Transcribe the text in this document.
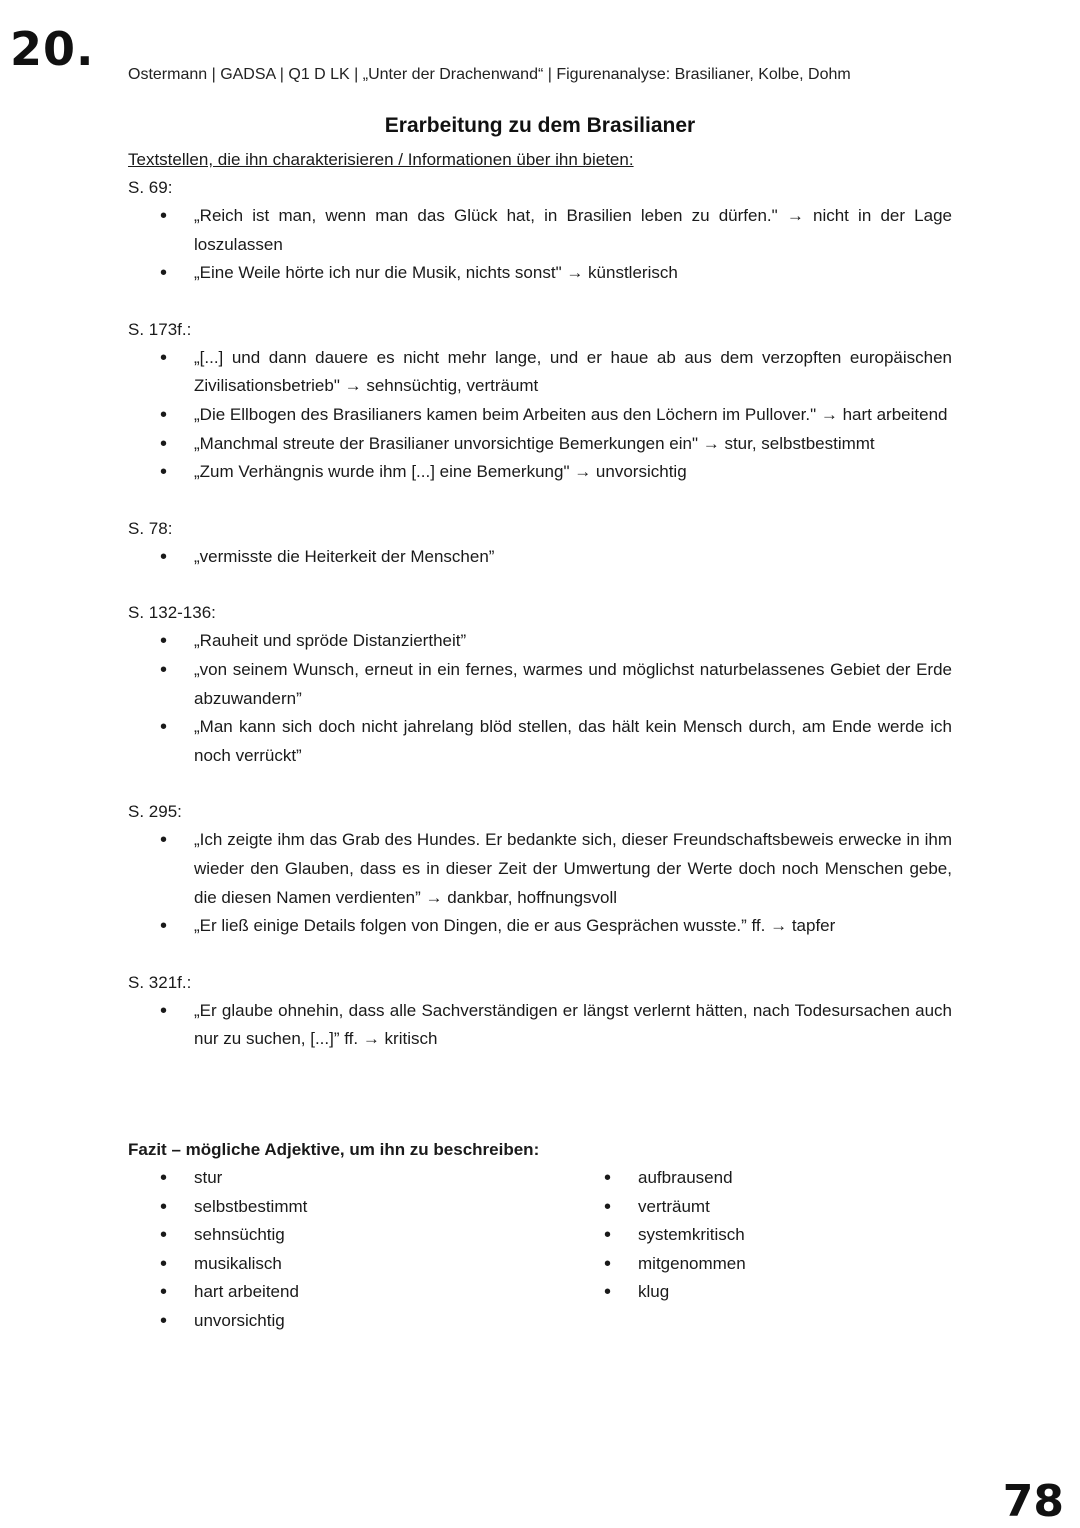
20. Ostermann | GADSA | Q1 D LK | „Unter der Drachenwand“ | Figurenanalyse: Brasilianer, Kolbe, Dohm
Erarbeitung zu dem Brasilianer

Textstellen, die ihn charakterisieren / Informationen über ihn bieten:

S. 69:

• „Reich ist man, wenn man das Glück hat, in Brasilien leben zu dürfen." → nicht in der Lage loszulassen
• „Eine Weile hörte ich nur die Musik, nichts sonst" → künstlerisch

S. 173f.:

• „[...] und dann dauere es nicht mehr lange, und er haue ab aus dem verzopften europäischen Zivilisationsbetrieb" → sehnsüchtig, verträumt
• „Die Ellbogen des Brasilianers kamen beim Arbeiten aus den Löchern im Pullover." → hart arbeitend
• „Manchmal streute der Brasilianer unvorsichtige Bemerkungen ein" → stur, selbstbestimmt
• „Zum Verhängnis wurde ihm [...] eine Bemerkung" → unvorsichtig

S. 78:

• „vermisste die Heiterkeit der Menschen”

S. 132-136:

• „Rauheit und spröde Distanziertheit”
• „von seinem Wunsch, erneut in ein fernes, warmes und möglichst naturbelassenes Gebiet der Erde abzuwandern”
• „Man kann sich doch nicht jahrelang blöd stellen, das hält kein Mensch durch, am Ende werde ich noch verrückt”

S. 295:

• „Ich zeigte ihm das Grab des Hundes. Er bedankte sich, dieser Freundschaftsbeweis erwecke in ihm wieder den Glauben, dass es in dieser Zeit der Umwertung der Werte doch noch Menschen gebe, die diesen Namen verdienten” → dankbar, hoffnungsvoll
• „Er ließ einige Details folgen von Dingen, die er aus Gesprächen wusste.” ff. → tapfer

S. 321f.:

• „Er glaube ohnehin, dass alle Sachverständigen er längst verlernt hätten, nach Todesursachen auch nur zu suchen, [...]” ff. → kritisch

Fazit – mögliche Adjektive, um ihn zu beschreiben:

• stur
• selbstbestimmt
• sehnsüchtig
• musikalisch
• hart arbeitend
• unvorsichtig
• aufbrausend
• verträumt
• systemkritisch
• mitgenommen
• klug
78
